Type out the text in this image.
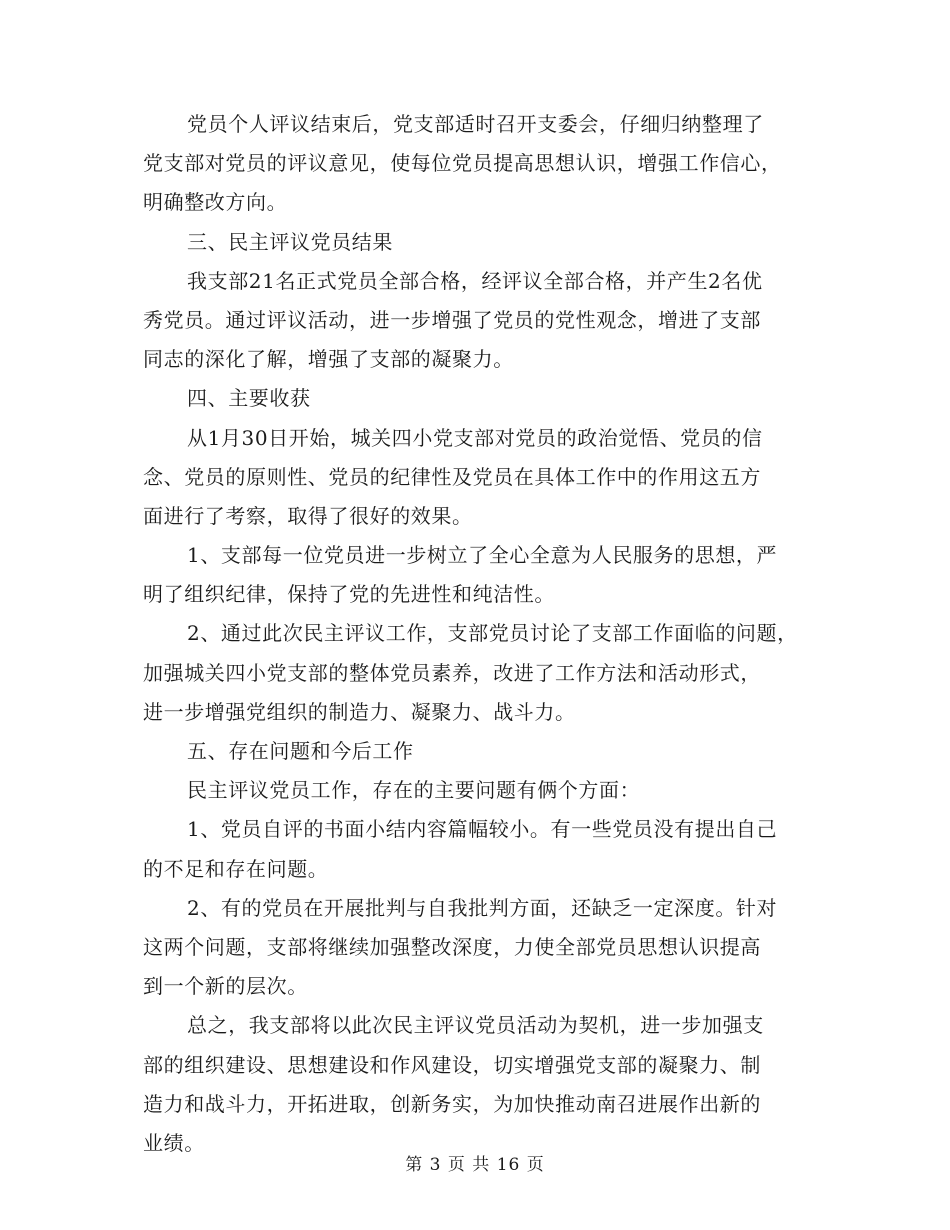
党员个人评议结束后，党支部适时召开支委会，仔细归纳整理了
党支部对党员的评议意见，使每位党员提高思想认识，增强工作信心，
明确整改方向。
三、民主评议党员结果
我支部21名正式党员全部合格，经评议全部合格，并产生2名优
秀党员。通过评议活动，进一步增强了党员的党性观念，增进了支部
同志的深化了解，增强了支部的凝聚力。
四、主要收获
从1月30日开始，城关四小党支部对党员的政治觉悟、党员的信
念、党员的原则性、党员的纪律性及党员在具体工作中的作用这五方
面进行了考察，取得了很好的效果。
1、支部每一位党员进一步树立了全心全意为人民服务的思想，严
明了组织纪律，保持了党的先进性和纯洁性。
2、通过此次民主评议工作，支部党员讨论了支部工作面临的问题，
加强城关四小党支部的整体党员素养，改进了工作方法和活动形式，
进一步增强党组织的制造力、凝聚力、战斗力。
五、存在问题和今后工作
民主评议党员工作，存在的主要问题有俩个方面：
1、党员自评的书面小结内容篇幅较小。有一些党员没有提出自己
的不足和存在问题。
2、有的党员在开展批判与自我批判方面，还缺乏一定深度。针对
这两个问题，支部将继续加强整改深度，力使全部党员思想认识提高
到一个新的层次。
总之，我支部将以此次民主评议党员活动为契机，进一步加强支
部的组织建设、思想建设和作风建设，切实增强党支部的凝聚力、制
造力和战斗力，开拓进取，创新务实，为加快推动南召进展作出新的
业绩。
第 3 页 共 16 页
